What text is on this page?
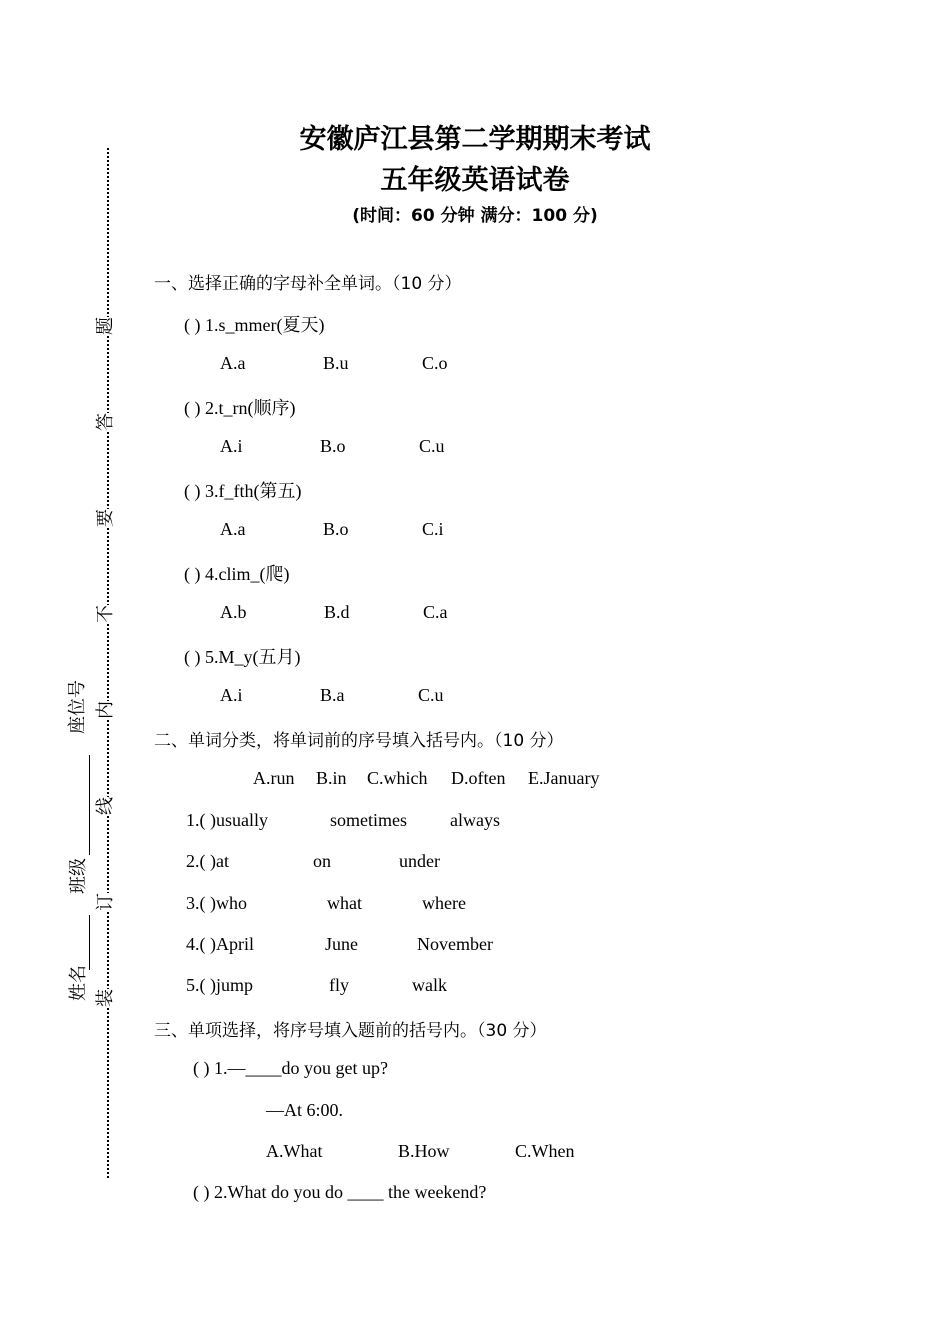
安徽庐江县第二学期期末考试
五年级英语试卷
(时间：60 分钟 满分：100 分)
题
答
要
不
内
线
订
装
座位号
班级
姓名
一、选择正确的字母补全单词。（10 分）
( ) 1.s_mmer(夏天)
A.a	B.u	C.o
( ) 2.t_rn(顺序)
A.i	B.o	C.u
( ) 3.f_fth(第五)
A.a	B.o	C.i
( ) 4.clim_(爬)
A.b	B.d	C.a
( ) 5.M_y(五月)
A.i	B.a	C.u
二、单词分类，将单词前的序号填入括号内。（10 分）
A.run B.in C.which D.often E.January
1.( )usually	sometimes always
2.( )at	on	under
3.( )who	what	where
4.( )April	June	November
5.( )jump	fly	walk
三、单项选择，将序号填入题前的括号内。（30 分）
( ) 1.—____do you get up?
—At 6:00.
A.What	B.How	C.When
( ) 2.What do you do ____ the weekend?
